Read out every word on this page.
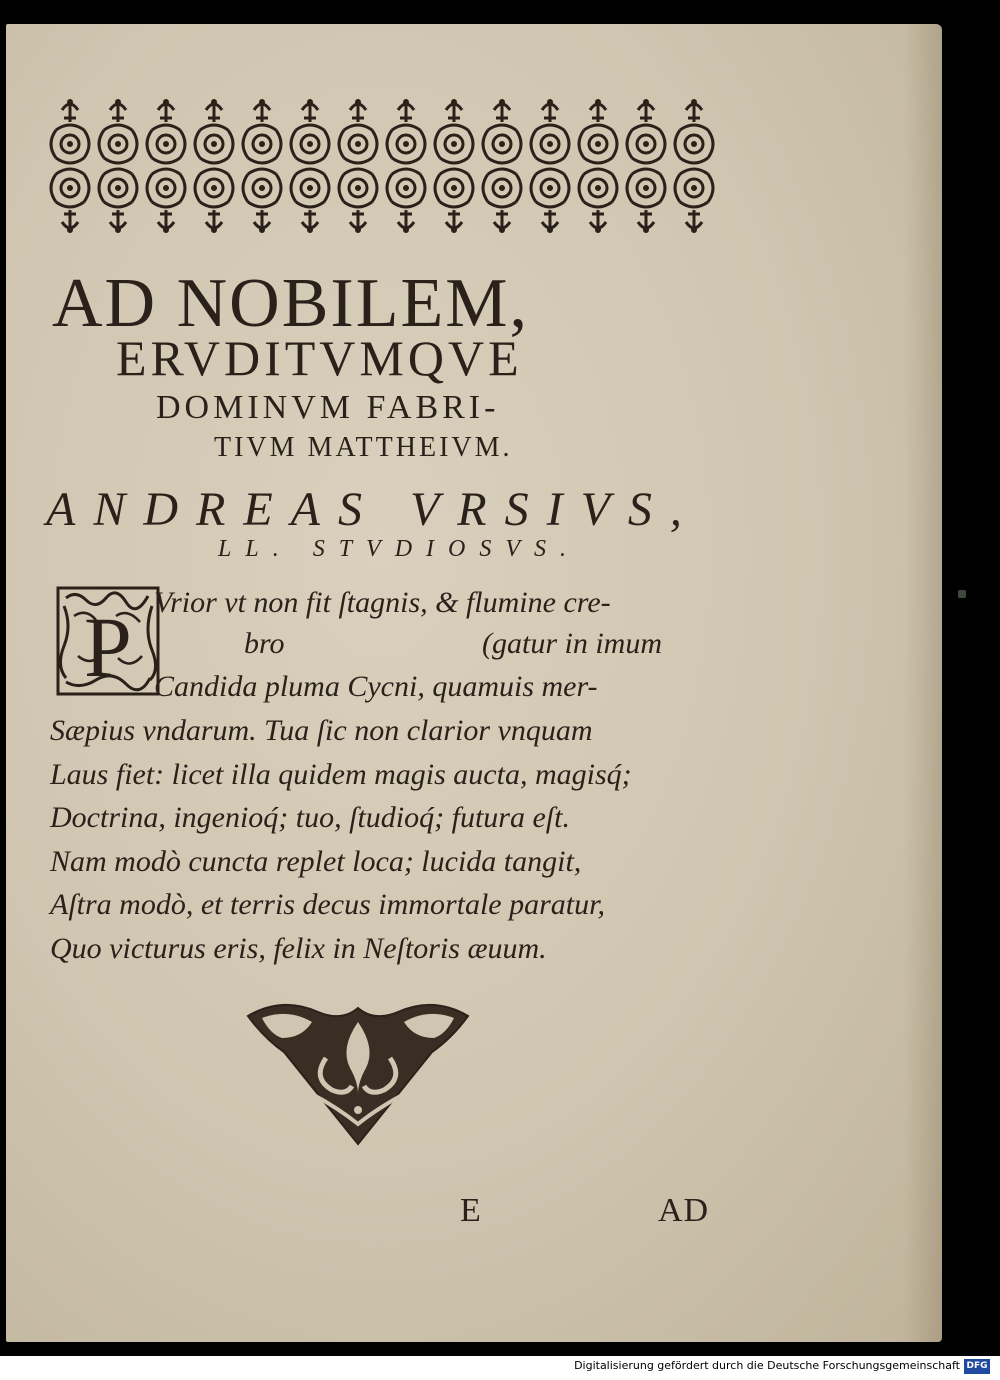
AD NOBILEM,
ERVDITVMQVE
DOMINVM FABRI-
TIVM MATTHEIVM.
ANDREAS VRSIVS,
LL. STVDIOSVS.
P Vrior vt non fit ſtagnis, & flumine cre-
bro	(gatur in imum
Candida pluma Cycni, quamuis mer-
Sæpius vndarum. Tua ſic non clarior vnquam
Laus fiet: licet illa quidem magis aucta, magisq́;
Doctrina, ingenioq́; tuo, ſtudioq́; futura eſt.
Nam modò cuncta replet loca; lucida tangit,
Aſtra modò, et terris decus immortale paratur,
Quo victurus eris, felix in Neſtoris æuum.
E	AD
Digitalisierung gefördert durch die Deutsche Forschungsgemeinschaft DFG
